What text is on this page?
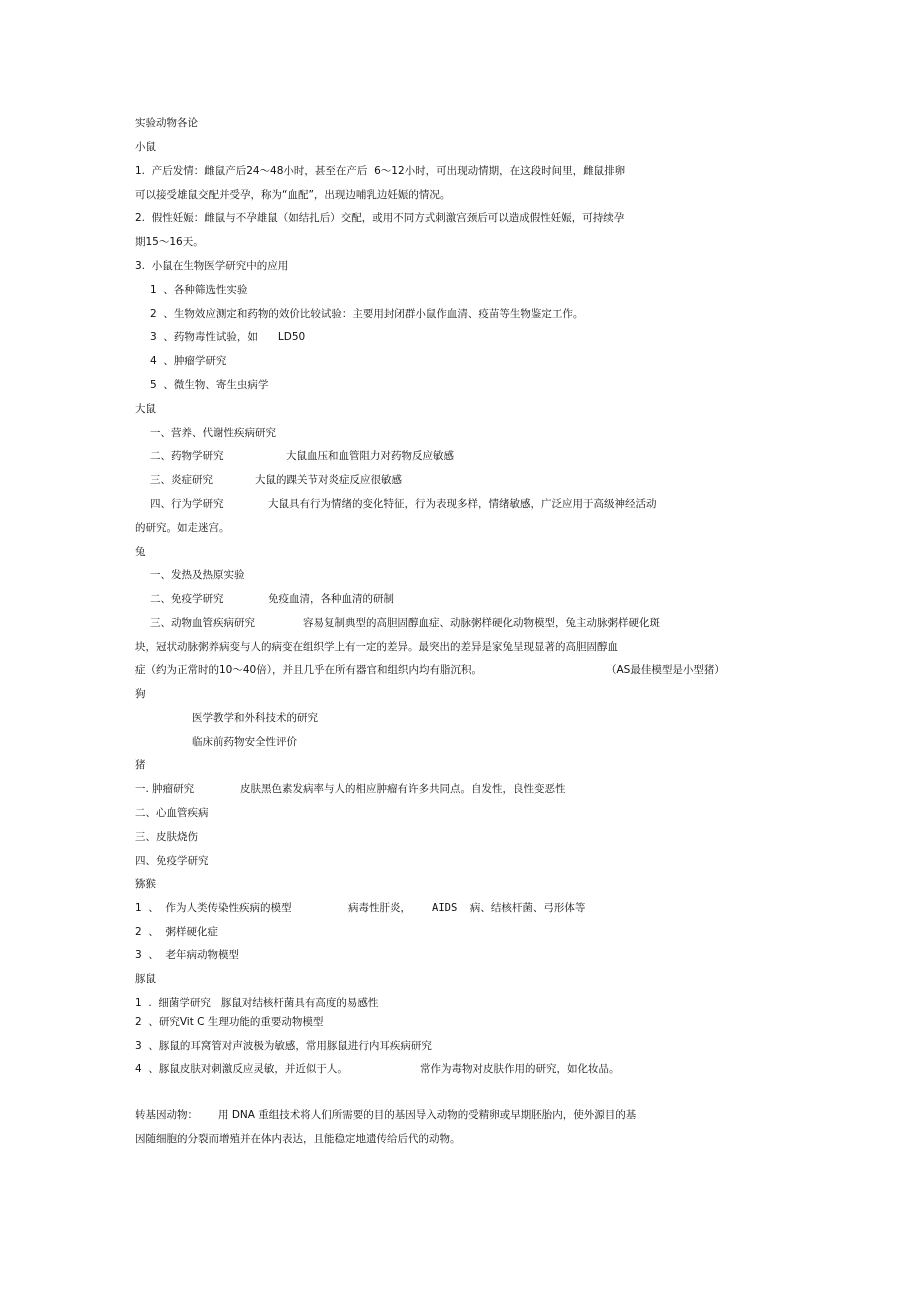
实验动物各论
小鼠
1.  产后发情：雌鼠产后24～48小时，甚至在产后  6～12小时，可出现动情期，在这段时间里，雌鼠排卵
可以接受雄鼠交配并受孕，称为“血配”，出现边哺乳边妊娠的情况。
2.  假性妊娠：雌鼠与不孕雄鼠（如结扎后）交配，或用不同方式刺激宫颈后可以造成假性妊娠，可持续孕
期15～16天。
3.  小鼠在生物医学研究中的应用
1  、各种筛选性实验
2  、生物效应测定和药物的效价比较试验：主要用封闭群小鼠作血清、疫苗等生物鉴定工作。
3  、药物毒性试验，如      LD50
4  、肿瘤学研究
5  、微生物、寄生虫病学
大鼠
一、营养、代谢性疾病研究
二、药物学研究	大鼠血压和血管阻力对药物反应敏感
三、炎症研究	大鼠的踝关节对炎症反应很敏感
四、行为学研究	大鼠具有行为情绪的变化特征，行为表现多样，情绪敏感，广泛应用于高级神经活动
的研究。如走迷宫。
兔
一、发热及热原实验
二、免疫学研究	免疫血清，各种血清的研制
三、动物血管疾病研究	容易复制典型的高胆固醇血症、动脉粥样硬化动物模型，兔主动脉粥样硬化斑
块，冠状动脉粥养病变与人的病变在组织学上有一定的差异。最突出的差异是家兔呈现显著的高胆固醇血
症（约为正常时的10～40倍），并且几乎在所有器官和组织内均有脂沉积。	（AS最佳模型是小型猪）
狗
医学教学和外科技术的研究
临床前药物安全性评价
猪
一. 肿瘤研究	皮肤黑色素发病率与人的相应肿瘤有许多共同点。自发性，良性变恶性
二、心血管疾病
三、皮肤烧伤
四、免疫学研究
猕猴
1  、  作为人类传染性疾病的模型	病毒性肝炎， AIDS  病、结核杆菌、弓形体等
2  、  粥样硬化症
3  、  老年病动物模型
豚鼠
1  .  细菌学研究   豚鼠对结核杆菌具有高度的易感性
2  、研究Vit C 生理功能的重要动物模型
3  、豚鼠的耳窝管对声波极为敏感，常用豚鼠进行内耳疾病研究
4  、豚鼠皮肤对刺激反应灵敏，并近似于人。	常作为毒物对皮肤作用的研究，如化妆品。
转基因动物： 用 DNA 重组技术将人们所需要的目的基因导入动物的受精卵或早期胚胎内，使外源目的基
因随细胞的分裂而增殖并在体内表达，且能稳定地遗传给后代的动物。
